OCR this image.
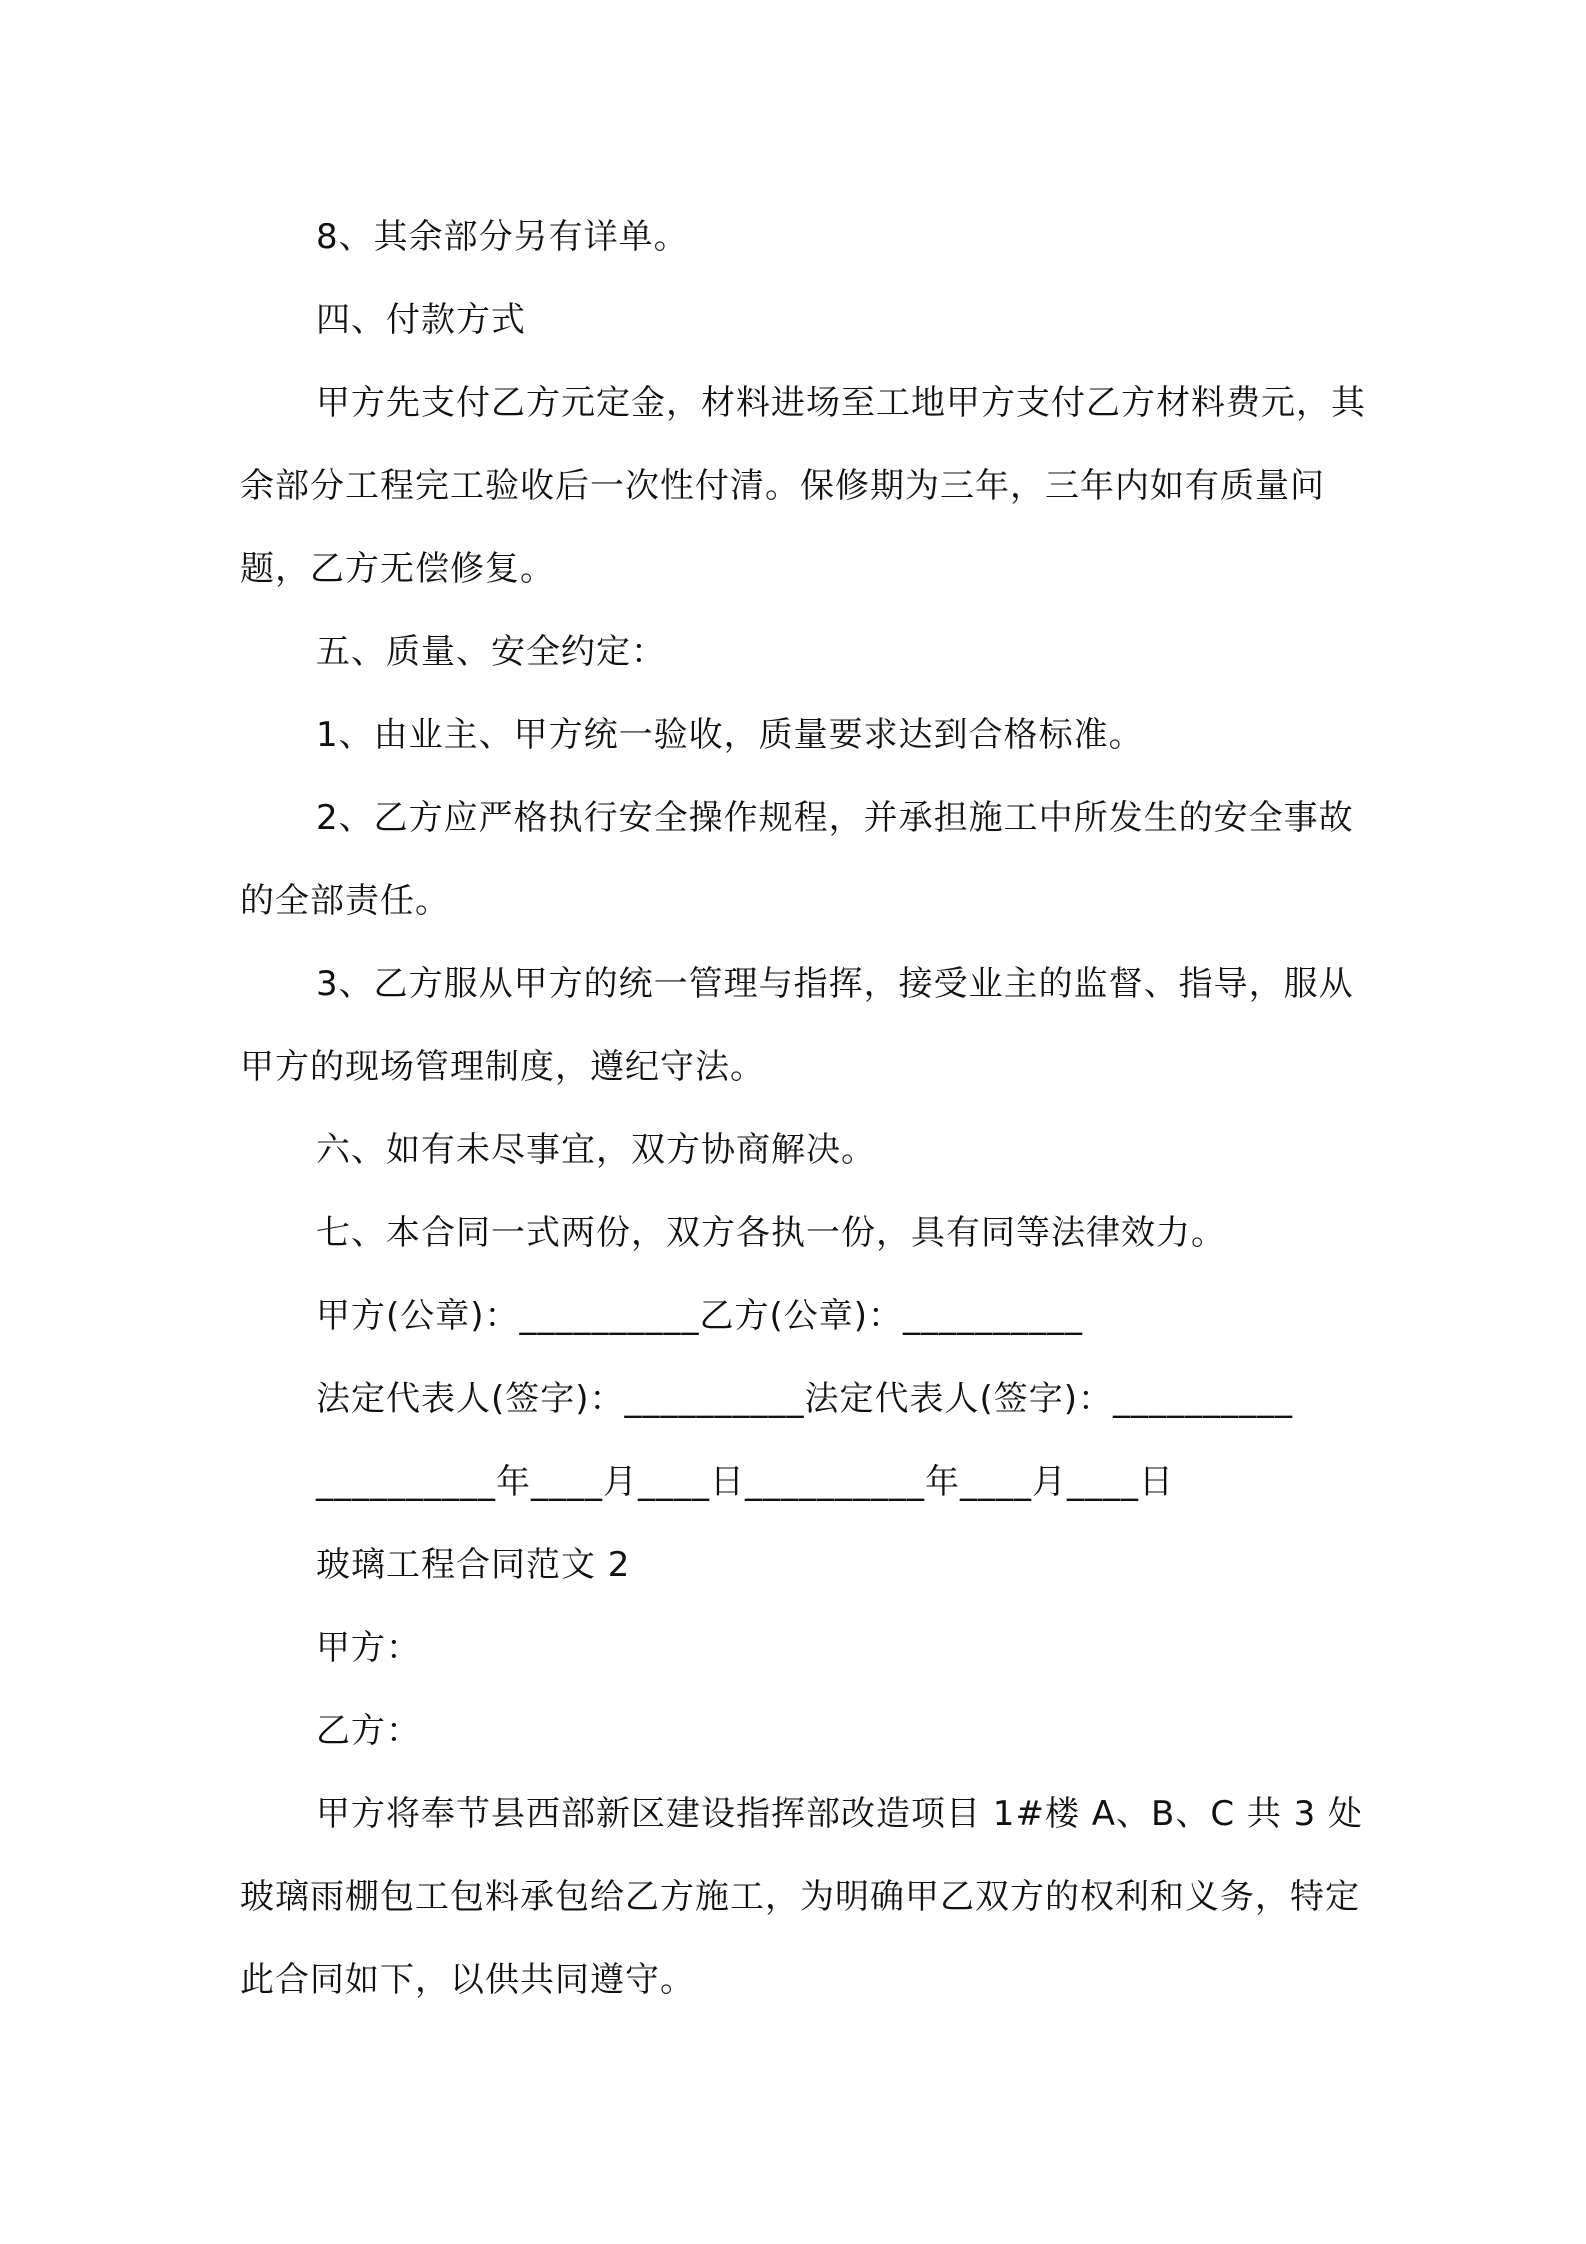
8、其余部分另有详单。

四、付款方式

甲方先支付乙方元定金，材料进场至工地甲方支付乙方材料费元，其余部分工程完工验收后一次性付清。保修期为三年，三年内如有质量问题，乙方无偿修复。

五、质量、安全约定：

1、由业主、甲方统一验收，质量要求达到合格标准。

2、乙方应严格执行安全操作规程，并承担施工中所发生的安全事故的全部责任。

3、乙方服从甲方的统一管理与指挥，接受业主的监督、指导，服从甲方的现场管理制度，遵纪守法。

六、如有未尽事宜，双方协商解决。

七、本合同一式两份，双方各执一份，具有同等法律效力。

甲方(公章)：__________乙方(公章)：__________

法定代表人(签字)：__________法定代表人(签字)：__________

__________年____月____日__________年____月____日

玻璃工程合同范文 2

甲方：

乙方：

甲方将奉节县西部新区建设指挥部改造项目 1#楼 A、B、C 共 3 处玻璃雨棚包工包料承包给乙方施工，为明确甲乙双方的权利和义务，特定此合同如下，以供共同遵守。
